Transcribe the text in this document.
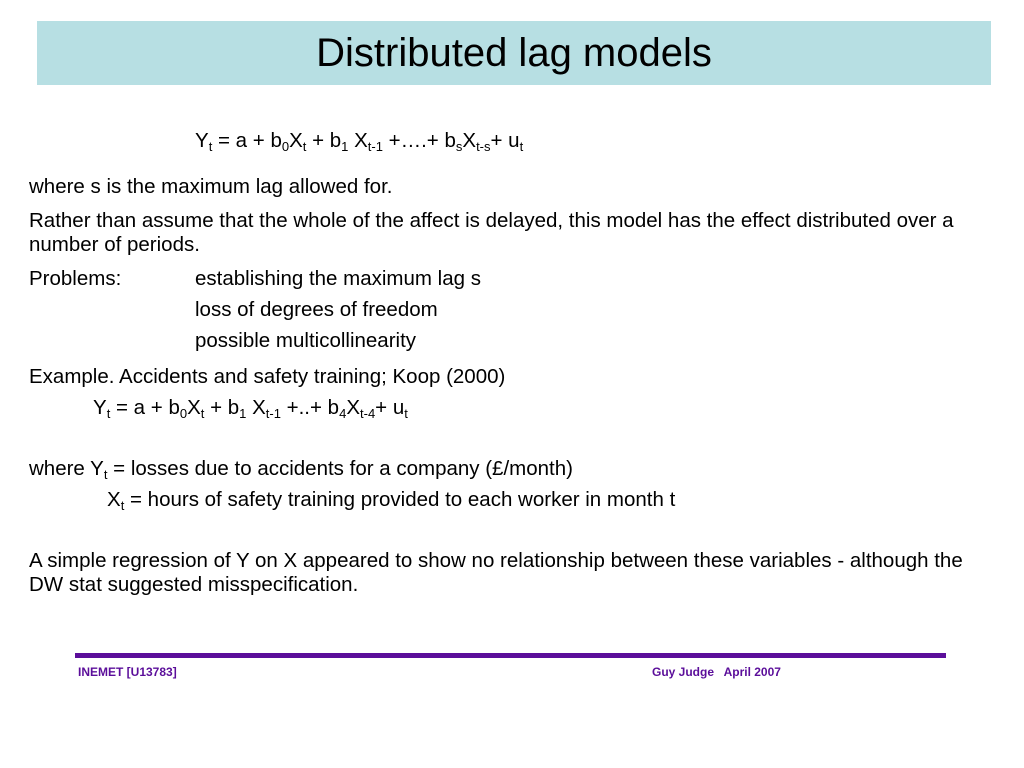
Distributed lag models
$Y_t = a + b_0X_t + b_1$ $X_{t-1}$ +….+ $b_sX_{t-s}+ u_t$
where s is the maximum lag allowed for.
Rather than assume that the whole of the affect is delayed, this model has the effect distributed over a number of periods.
Problems:	establishing the maximum lag s
loss of degrees of freedom
possible multicollinearity
Example. Accidents and safety training; Koop (2000)
$Y_t = a + b_0X_t + b_1$ $X_{t-1}$ +..+ $b_4X_{t-4}+ u_t$
where $Y_t$ = losses due to accidents for a company (£/month)
$X_t$ = hours of safety training provided to each worker in month t
A simple regression of Y on X appeared to show no relationship between these variables - although the DW stat suggested misspecification.
INEMET [U13783]	Guy Judge   April 2007
